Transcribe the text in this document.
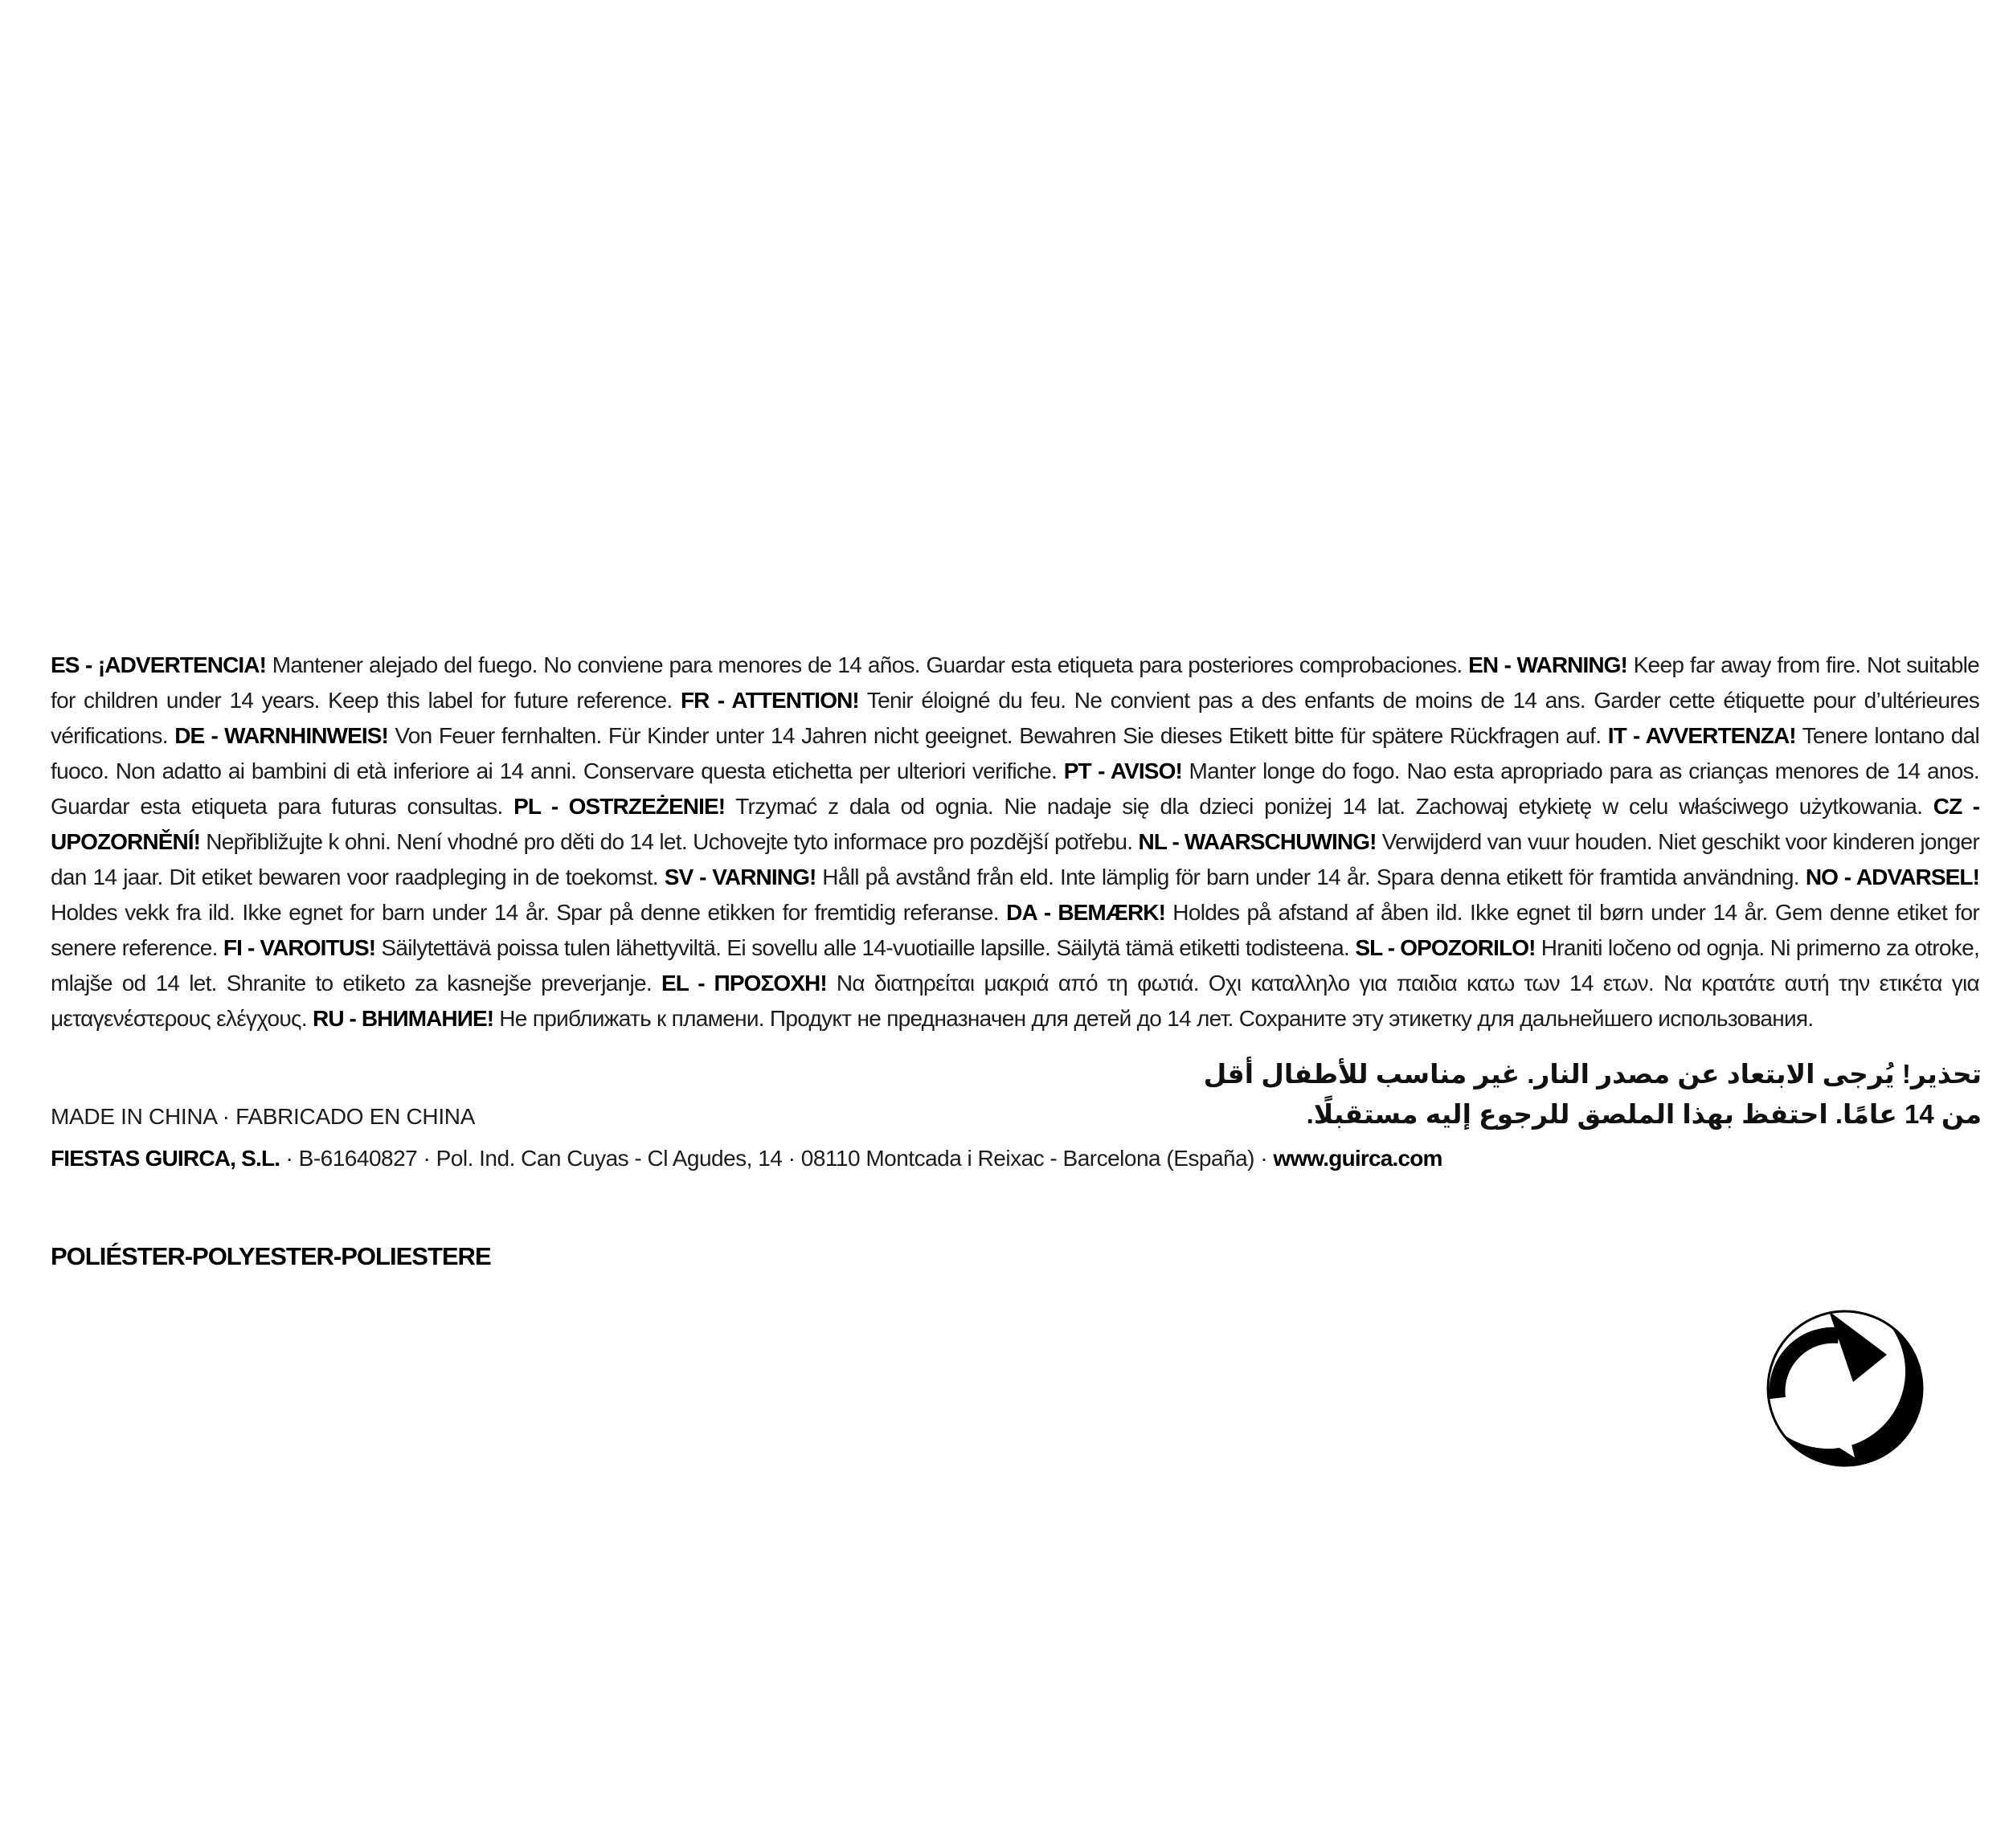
ES - ¡ADVERTENCIA! Mantener alejado del fuego. No conviene para menores de 14 años. Guardar esta etiqueta para posteriores comprobaciones. EN - WARNING! Keep far away from fire. Not suitable for children under 14 years. Keep this label for future reference. FR - ATTENTION! Tenir éloigné du feu. Ne convient pas a des enfants de moins de 14 ans. Garder cette étiquette pour d’ultérieures vérifications. DE - WARNHINWEIS! Von Feuer fernhalten. Für Kinder unter 14 Jahren nicht geeignet. Bewahren Sie dieses Etikett bitte für spätere Rückfragen auf. IT - AVVERTENZA! Tenere lontano dal fuoco. Non adatto ai bambini di età inferiore ai 14 anni. Conservare questa etichetta per ulteriori verifiche. PT - AVISO! Manter longe do fogo. Nao esta apropriado para as crianças menores de 14 anos. Guardar esta etiqueta para futuras consultas. PL - OSTRZEŻENIE! Trzymać z dala od ognia. Nie nadaje się dla dzieci poniżej 14 lat. Zachowaj etykietę w celu właściwego użytkowania. CZ - UPOZORNĚNÍ! Nepřibližujte k ohni. Není vhodné pro děti do 14 let. Uchovejte tyto informace pro pozdější potřebu. NL - WAARSCHUWING! Verwijderd van vuur houden. Niet geschikt voor kinderen jonger dan 14 jaar. Dit etiket bewaren voor raadpleging in de toekomst. SV - VARNING! Håll på avstånd från eld. Inte lämplig för barn under 14 år. Spara denna etikett för framtida användning. NO - ADVARSEL! Holdes vekk fra ild. Ikke egnet for barn under 14 år. Spar på denne etikken for fremtidig referanse. DA - BEMÆRK! Holdes på afstand af åben ild. Ikke egnet til børn under 14 år. Gem denne etiket for senere reference. FI - VAROITUS! Säilytettävä poissa tulen lähettyviltä. Ei sovellu alle 14-vuotiaille lapsille. Säilytä tämä etiketti todisteena. SL - OPOZORILO! Hraniti ločeno od ognja. Ni primerno za otroke, mlajše od 14 let. Shranite to etiketo za kasnejše preverjanje. EL - ΠΡΟΣΟΧΗ! Να διατηρείται μακριά από τη φωτιά. Οχι καταλληλο για παιδια κατω των 14 ετων. Να κρατάτε αυτή την ετικέτα για μεταγενέστερους ελέγχους. RU - ВНИМАНИЕ! Не приближать к пламени. Продукт не предназначен для детей до 14 лет. Сохраните эту этикетку для дальнейшего использования.

تحذير! يُرجى الابتعاد عن مصدر النار. غير مناسب للأطفال أقل
من 14 عامًا. احتفظ بهذا الملصق للرجوع إليه مستقبلًا.
MADE IN CHINA · FABRICADO EN CHINA
FIESTAS GUIRCA, S.L. · B-61640827 · Pol. Ind. Can Cuyas - Cl Agudes, 14 · 08110 Montcada i Reixac - Barcelona (España) · www.guirca.com
POLIÉSTER-POLYESTER-POLIESTERE
